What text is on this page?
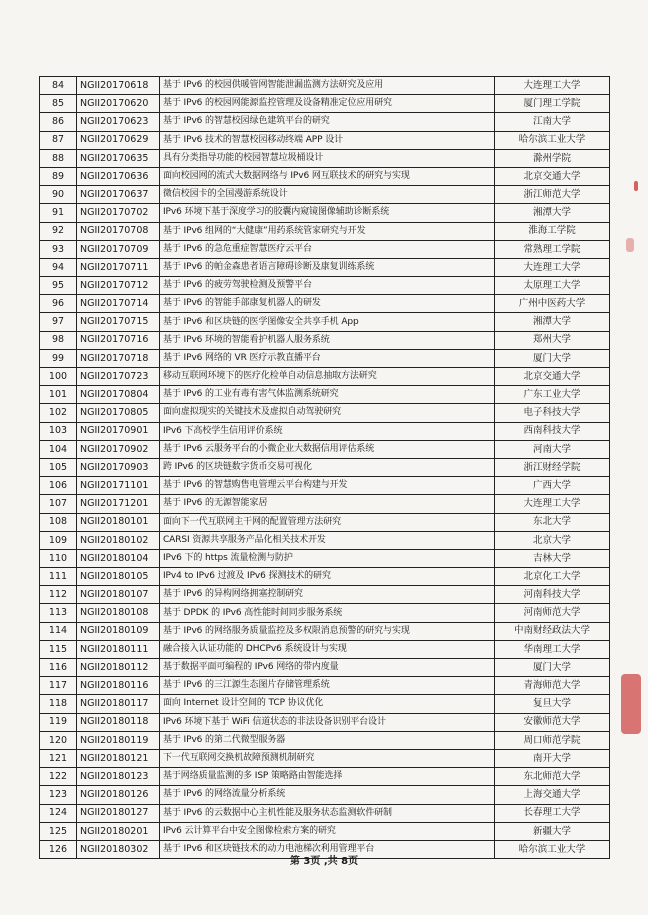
84	NGII20170618	基于 IPv6 的校园供暖管网智能泄漏监测方法研究及应用	大连理工大学
85	NGII20170620	基于 IPv6 的校园网能源监控管理及设备精准定位应用研究	厦门理工学院
86	NGII20170623	基于 IPv6 的智慧校园绿色建筑平台的研究	江南大学
87	NGII20170629	基于 IPv6 技术的智慧校园移动终端 APP 设计	哈尔滨工业大学
88	NGII20170635	具有分类指导功能的校园智慧垃圾桶设计	滁州学院
89	NGII20170636	面向校园网的流式大数据网络与 IPv6 网互联技术的研究与实现	北京交通大学
90	NGII20170637	微信校园卡的全国漫游系统设计	浙江师范大学
91	NGII20170702	IPv6 环境下基于深度学习的胶囊内窥镜图像辅助诊断系统	湘潭大学
92	NGII20170708	基于 IPv6 组网的“大健康”用药系统管家研究与开发	淮海工学院
93	NGII20170709	基于 IPv6 的急危重症智慧医疗云平台	常熟理工学院
94	NGII20170711	基于 IPv6 的帕金森患者语言障碍诊断及康复训练系统	大连理工大学
95	NGII20170712	基于 IPv6 的疲劳驾驶检测及预警平台	太原理工大学
96	NGII20170714	基于 IPv6 的智能手部康复机器人的研发	广州中医药大学
97	NGII20170715	基于 IPv6 和区块链的医学图像安全共享手机 App	湘潭大学
98	NGII20170716	基于 IPv6 环境的智能看护机器人服务系统	郑州大学
99	NGII20170718	基于 IPv6 网络的 VR 医疗示教直播平台	厦门大学
100	NGII20170723	移动互联网环境下的医疗化检单自动信息抽取方法研究	北京交通大学
101	NGII20170804	基于 IPv6 的工业有毒有害气体监测系统研究	广东工业大学
102	NGII20170805	面向虚拟现实的关键技术及虚拟自动驾驶研究	电子科技大学
103	NGII20170901	IPv6 下高校学生信用评价系统	西南科技大学
104	NGII20170902	基于 IPv6 云服务平台的小微企业大数据信用评估系统	河南大学
105	NGII20170903	跨 IPv6 的区块链数字货币交易可视化	浙江财经学院
106	NGII20171101	基于 IPv6 的智慧购售电管理云平台构建与开发	广西大学
107	NGII20171201	基于 IPv6 的无源智能家居	大连理工大学
108	NGII20180101	面向下一代互联网主干网的配置管理方法研究	东北大学
109	NGII20180102	CARSI 资源共享服务产品化相关技术开发	北京大学
110	NGII20180104	IPv6 下的 https 流量检测与防护	吉林大学
111	NGII20180105	IPv4 to IPv6 过渡及 IPv6 探测技术的研究	北京化工大学
112	NGII20180107	基于 IPv6 的异构网络拥塞控制研究	河南科技大学
113	NGII20180108	基于 DPDK 的 IPv6 高性能时间同步服务系统	河南师范大学
114	NGII20180109	基于 IPv6 的网络服务质量监控及多权限消息预警的研究与实现	中南财经政法大学
115	NGII20180111	融合接入认证功能的 DHCPv6 系统设计与实现	华南理工大学
116	NGII20180112	基于数据平面可编程的 IPv6 网络的带内度量	厦门大学
117	NGII20180116	基于 IPv6 的三江源生态图片存储管理系统	青海师范大学
118	NGII20180117	面向 Internet 设计空间的 TCP 协议优化	复旦大学
119	NGII20180118	IPv6 环境下基于 WiFi 信道状态的非法设备识别平台设计	安徽师范大学
120	NGII20180119	基于 IPv6 的第二代微型服务器	周口师范学院
121	NGII20180121	下一代互联网交换机故障预测机制研究	南开大学
122	NGII20180123	基于网络质量监测的多 ISP 策略路由智能选择	东北师范大学
123	NGII20180126	基于 IPv6 的网络流量分析系统	上海交通大学
124	NGII20180127	基于 IPv6 的云数据中心主机性能及服务状态监测软件研制	长春理工大学
125	NGII20180201	IPv6 云计算平台中安全图像检索方案的研究	新疆大学
126	NGII20180302	基于 IPv6 和区块链技术的动力电池梯次利用管理平台	哈尔滨工业大学
第 3页 ,共 8页
